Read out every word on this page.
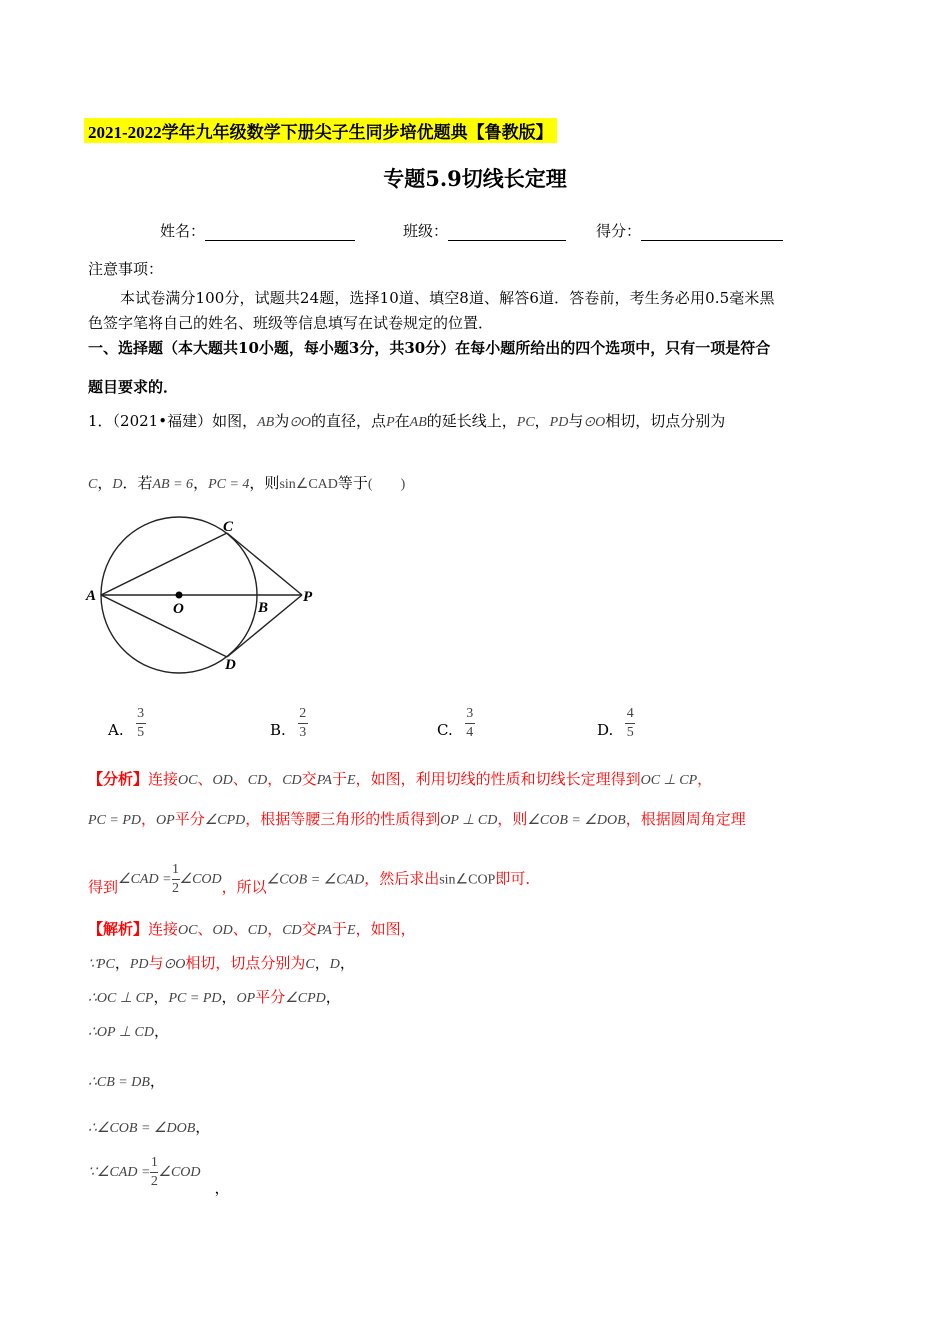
2021-2022学年九年级数学下册尖子生同步培优题典【鲁教版】
专题5.9切线长定理
姓名：	班级：	得分：
注意事项：
本试卷满分100分，试题共24题，选择10道、填空8道、解答6道．答卷前，考生务必用0.5毫米黑
色签字笔将自己的姓名、班级等信息填写在试卷规定的位置．
一、选择题（本大题共10小题，每小题3分，共30分）在每小题所给出的四个选项中，只有一项是符合
题目要求的．
1．（2021•福建）如图，AB为⊙O的直径，点P在AB的延长线上，PC，PD与⊙O相切，切点分别为
C，D．若AB = 6，PC = 4，则sin∠CAD等于(　　)
A
C
O	B
P
D
A. $\frac{3}{5}$	B. $\frac{2}{3}$	C. $\frac{3}{4}$	D. $\frac{4}{5}$
【分析】连接OC、OD、CD，CD交PA于E，如图，利用切线的性质和切线长定理得到OC ⊥ CP，
PC = PD，OP平分∠CPD，根据等腰三角形的性质得到OP ⊥ CD，则∠COB = ∠DOB，根据圆周角定理
得到∠CAD = $\frac{1}{2}$ ∠COD，所以∠COB = ∠CAD，然后求出sin∠COP即可．
【解析】连接OC、OD、CD，CD交PA于E，如图，
∵PC，PD与⊙O相切，切点分别为C，D，
∴OC ⊥ CP，PC = PD，OP平分∠CPD，
∴OP ⊥ CD，
∴CB = DB，
∴∠COB = ∠DOB，
∵∠CAD = $\frac{1}{2}$ ∠COD，
